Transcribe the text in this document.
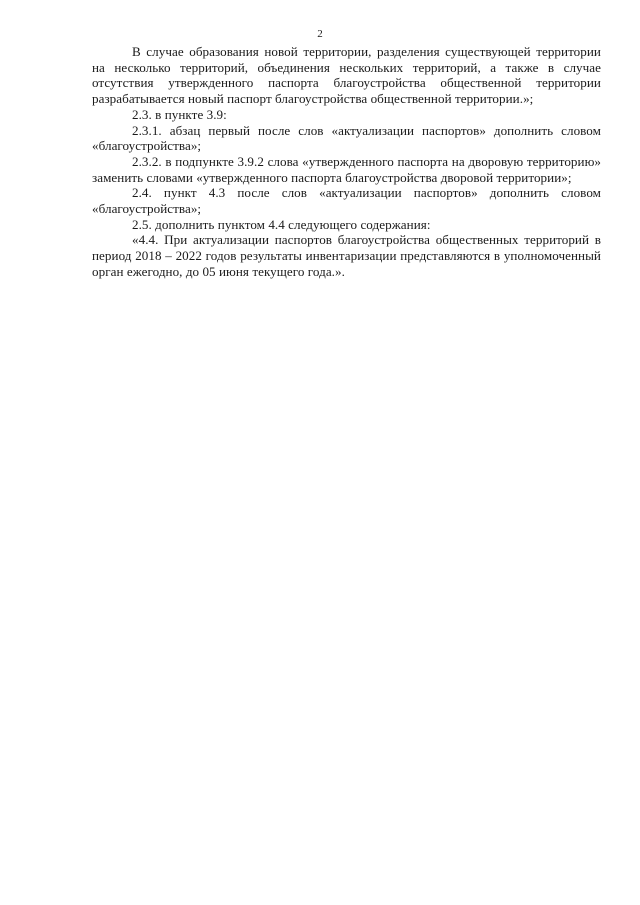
2

В случае образования новой территории, разделения существующей территории на несколько территорий, объединения нескольких территорий, а также в случае отсутствия утвержденного паспорта благоустройства общественной территории разрабатывается новый паспорт благоустройства общественной территории.»;

2.3. в пункте 3.9:

2.3.1. абзац первый после слов «актуализации паспортов» дополнить словом «благоустройства»;

2.3.2. в подпункте 3.9.2 слова «утвержденного паспорта на дворовую территорию» заменить словами «утвержденного паспорта благоустройства дворовой территории»;

2.4. пункт 4.3 после слов «актуализации паспортов» дополнить словом «благоустройства»;

2.5. дополнить пунктом 4.4 следующего содержания:

«4.4. При актуализации паспортов благоустройства общественных территорий в период 2018 – 2022 годов результаты инвентаризации представляются в уполномоченный орган ежегодно, до 05 июня текущего года.».
